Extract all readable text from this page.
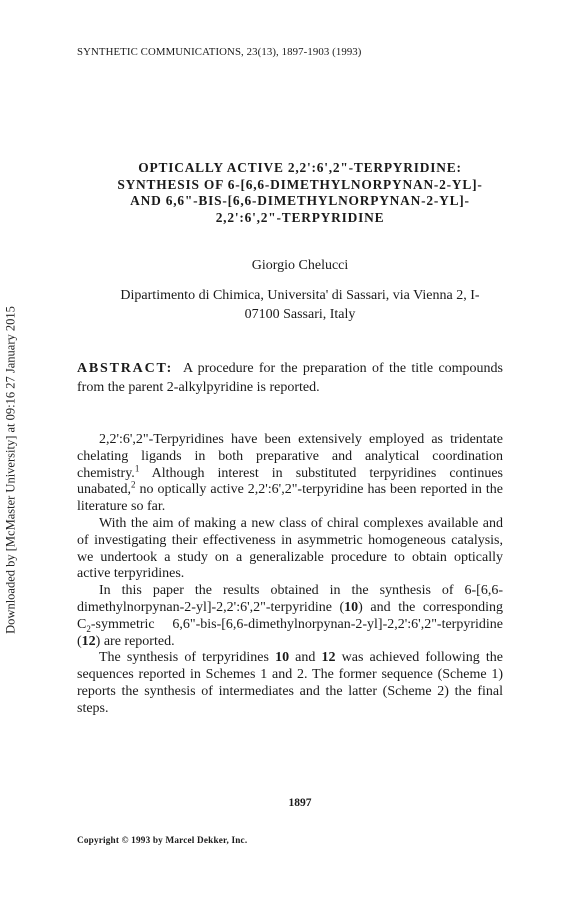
Downloaded by [McMaster University] at 09:16 27 January 2015
SYNTHETIC COMMUNICATIONS, 23(13), 1897-1903 (1993)
OPTICALLY ACTIVE 2,2':6',2"-TERPYRIDINE:
SYNTHESIS OF 6-[6,6-DIMETHYLNORPYNAN-2-YL]-
AND 6,6"-BIS-[6,6-DIMETHYLNORPYNAN-2-YL]-
2,2':6',2"-TERPYRIDINE
Giorgio Chelucci
Dipartimento di Chimica, Universita' di Sassari, via Vienna 2, I-
07100 Sassari, Italy
ABSTRACT: A procedure for the preparation of the title compounds from the parent 2-alkylpyridine is reported.

2,2':6',2"-Terpyridines have been extensively employed as tridentate chelating ligands in both preparative and analytical coordination chemistry.$^1$ Although interest in substituted terpyridines continues unabated,$^2$ no optically active 2,2':6',2"-terpyridine has been reported in the literature so far.

With the aim of making a new class of chiral complexes available and of investigating their effectiveness in asymmetric homogeneous catalysis, we undertook a study on a generalizable procedure to obtain optically active terpyridines.

In this paper the results obtained in the synthesis of 6-[6,6-dimethylnorpynan-2-yl]-2,2':6',2"-terpyridine (10) and the corresponding $C_2$-symmetric 6,6"-bis-[6,6-dimethylnorpynan-2-yl]-2,2':6',2"-terpyridine (12) are reported.

The synthesis of terpyridines 10 and 12 was achieved following the sequences reported in Schemes 1 and 2. The former sequence (Scheme 1) reports the synthesis of intermediates and the latter (Scheme 2) the final steps.

1897
Copyright © 1993 by Marcel Dekker, Inc.
